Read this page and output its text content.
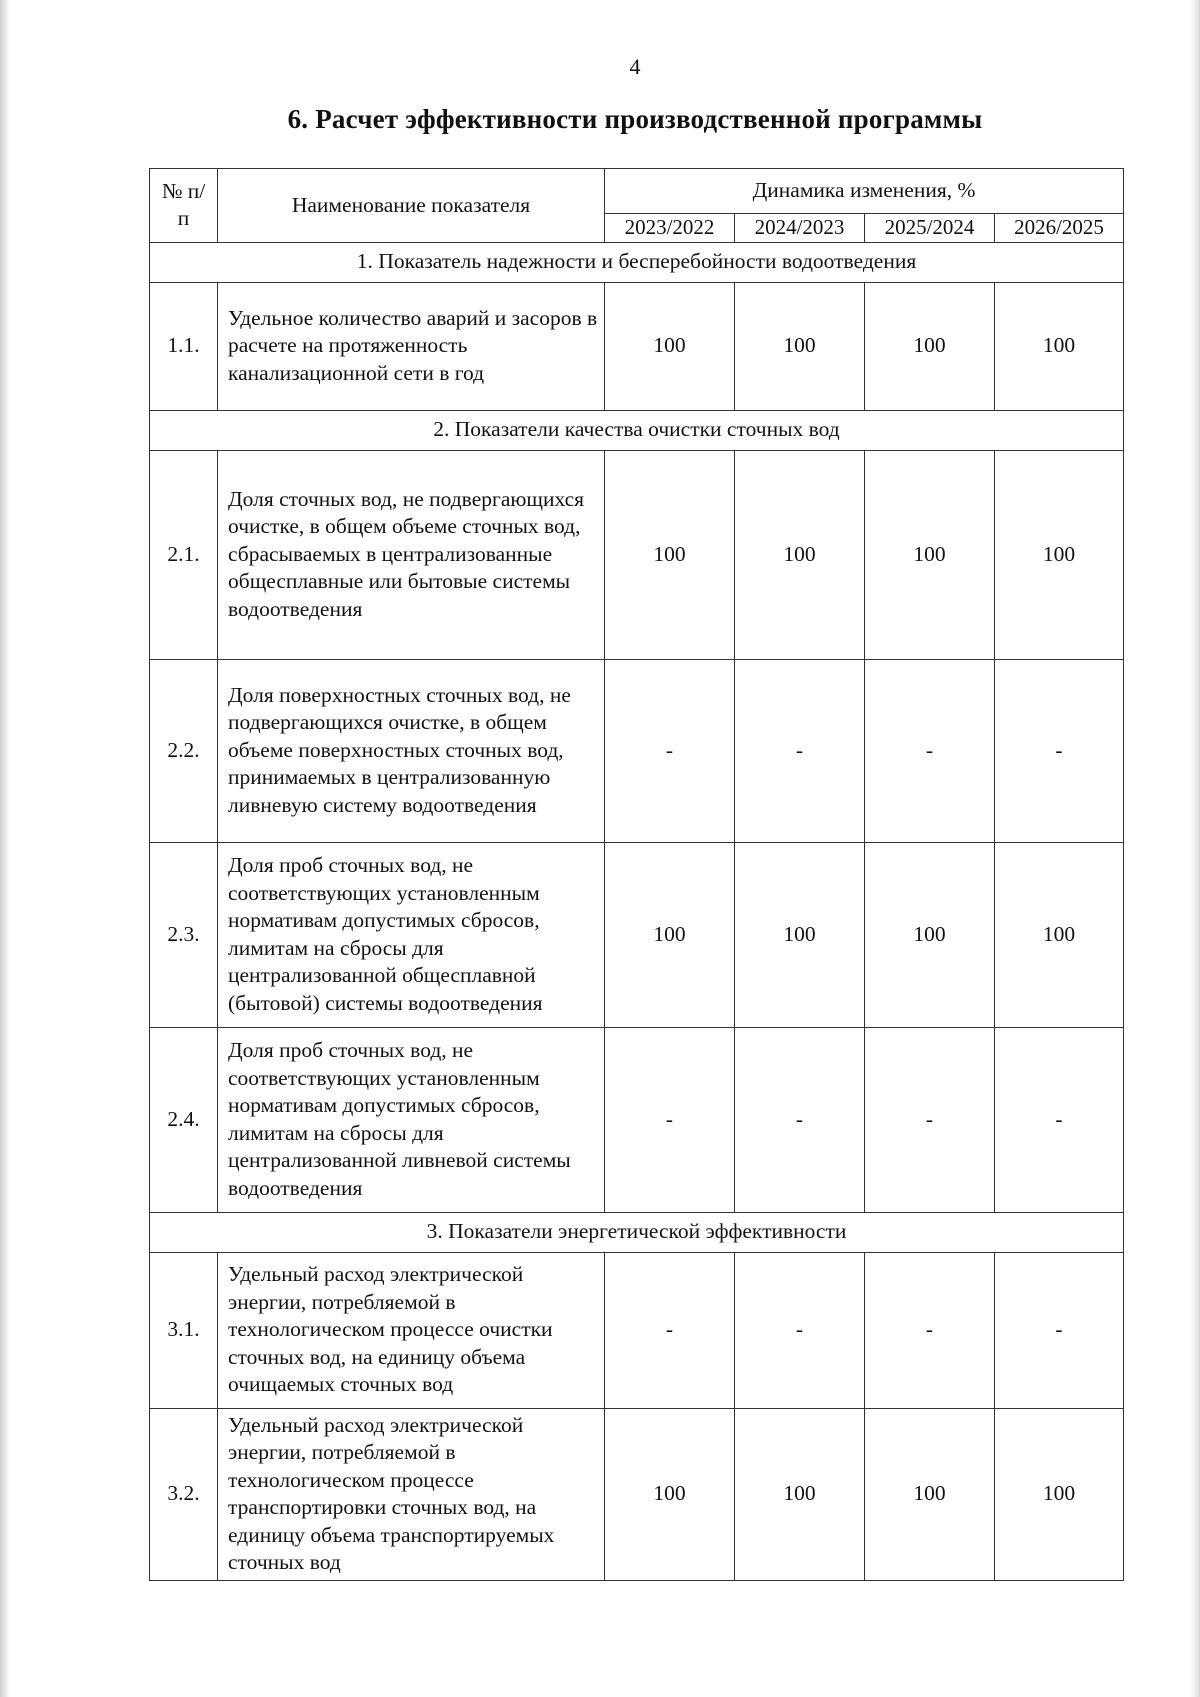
4
6. Расчет эффективности производственной программы
№ п/п	Наименование показателя	Динамика изменения, %			
		2023/2022	2024/2023	2025/2024	2026/2025
1. Показатель надежности и бесперебойности водоотведения					
1.1.	Удельное количество аварий и засоров в расчете на протяженность канализационной сети в год	100	100	100	100
2. Показатели качества очистки сточных вод					
2.1.	Доля сточных вод, не подвергающихся очистке, в общем объеме сточных вод, сбрасываемых в централизованные общесплавные или бытовые системы водоотведения	100	100	100	100
2.2.	Доля поверхностных сточных вод, не подвергающихся очистке, в общем объеме поверхностных сточных вод, принимаемых в централизованную ливневую систему водоотведения	-	-	-	-
2.3.	Доля проб сточных вод, не соответствующих установленным нормативам допустимых сбросов, лимитам на сбросы для централизованной общесплавной (бытовой) системы водоотведения	100	100	100	100
2.4.	Доля проб сточных вод, не соответствующих установленным нормативам допустимых сбросов, лимитам на сбросы для централизованной ливневой системы водоотведения	-	-	-	-
3. Показатели энергетической эффективности					
3.1.	Удельный расход электрической энергии, потребляемой в технологическом процессе очистки сточных вод, на единицу объема очищаемых сточных вод	-	-	-	-
3.2.	Удельный расход электрической энергии, потребляемой в технологическом процессе транспортировки сточных вод, на единицу объема транспортируемых сточных вод	100	100	100	100
